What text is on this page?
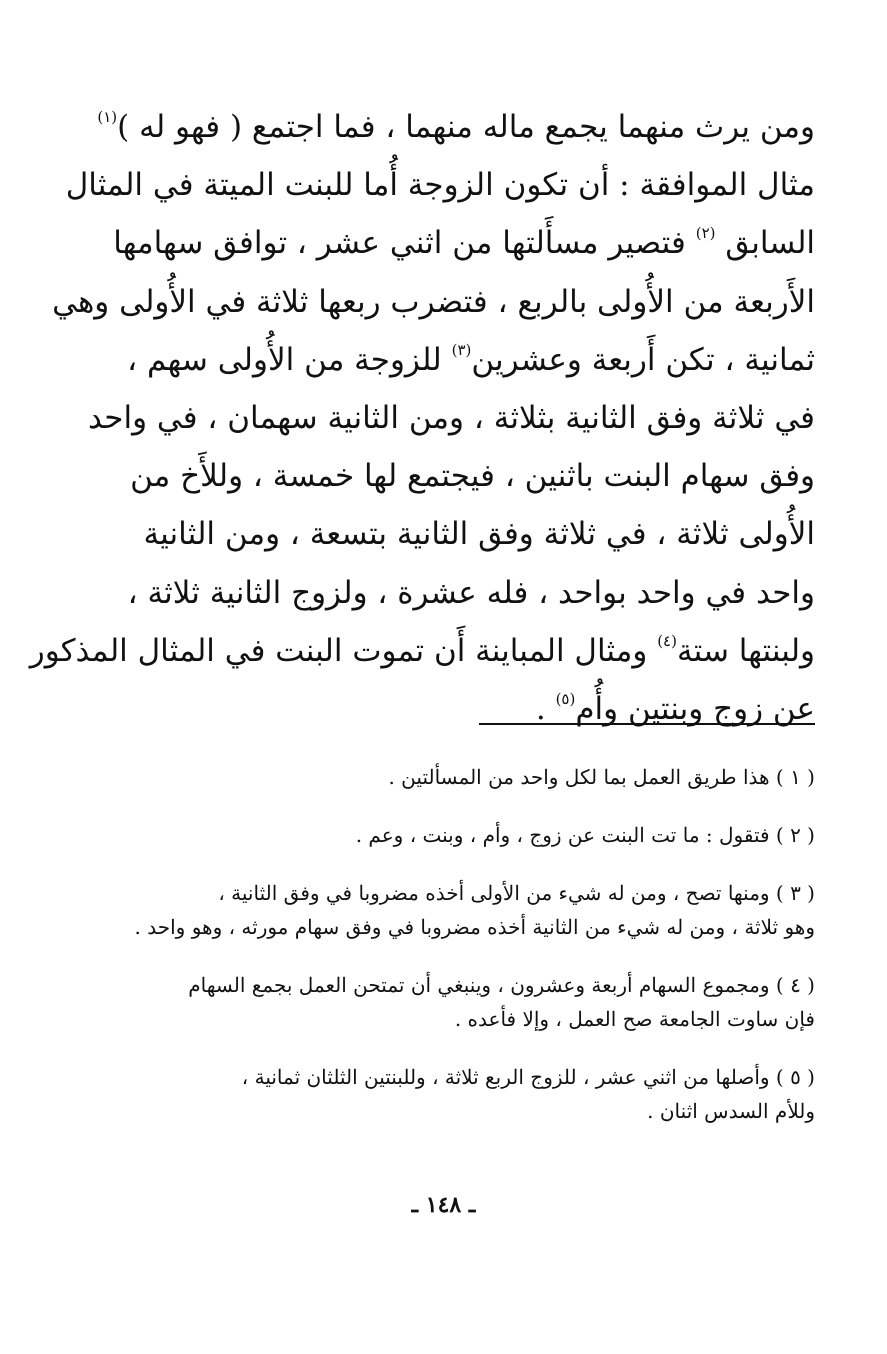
ومن يرث منهما يجمع ماله منهما ، فما اجتمع ( فهو له )$^{(١)}$
مثال الموافقة : أن تكون الزوجة أُما للبنت الميتة في المثال
السابق $^{(٢)}$ فتصير مسأَلتها من اثني عشر ، توافق سهامها
الأَربعة من الأُولى بالربع ، فتضرب ربعها ثلاثة في الأُولى وهي
ثمانية ، تكن أَربعة وعشرين$^{(٣)}$ للزوجة من الأُولى سهم ،
في ثلاثة وفق الثانية بثلاثة ، ومن الثانية سهمان ، في واحد
وفق سهام البنت باثنين ، فيجتمع لها خمسة ، وللأَخ من
الأُولى ثلاثة ، في ثلاثة وفق الثانية بتسعة ، ومن الثانية
واحد في واحد بواحد ، فله عشرة ، ولزوج الثانية ثلاثة ،
ولبنتها ستة$^{(٤)}$ ومثال المباينة أَن تموت البنت في المثال المذكور
عن زوج وبنتين وأُم$^{(٥)}$ .
( ١ ) هذا طريق العمل بما لكل واحد من المسألتين .
( ٢ ) فتقول : ما تت البنت عن زوج ، وأم ، وبنت ، وعم .
( ٣ ) ومنها تصح ، ومن له شيء من الأولى أخذه مضروبا في وفق الثانية ،
وهو ثلاثة ، ومن له شيء من الثانية أخذه مضروبا في وفق سهام مورثه ، وهو واحد .
( ٤ ) ومجموع السهام أربعة وعشرون ، وينبغي أن تمتحن العمل بجمع السهام
فإن ساوت الجامعة صح العمل ، وإلا فأعده .
( ٥ ) وأصلها من اثني عشر ، للزوج الربع ثلاثة ، وللبنتين الثلثان ثمانية ،
وللأم السدس اثنان .
ـ ١٤٨ ـ
